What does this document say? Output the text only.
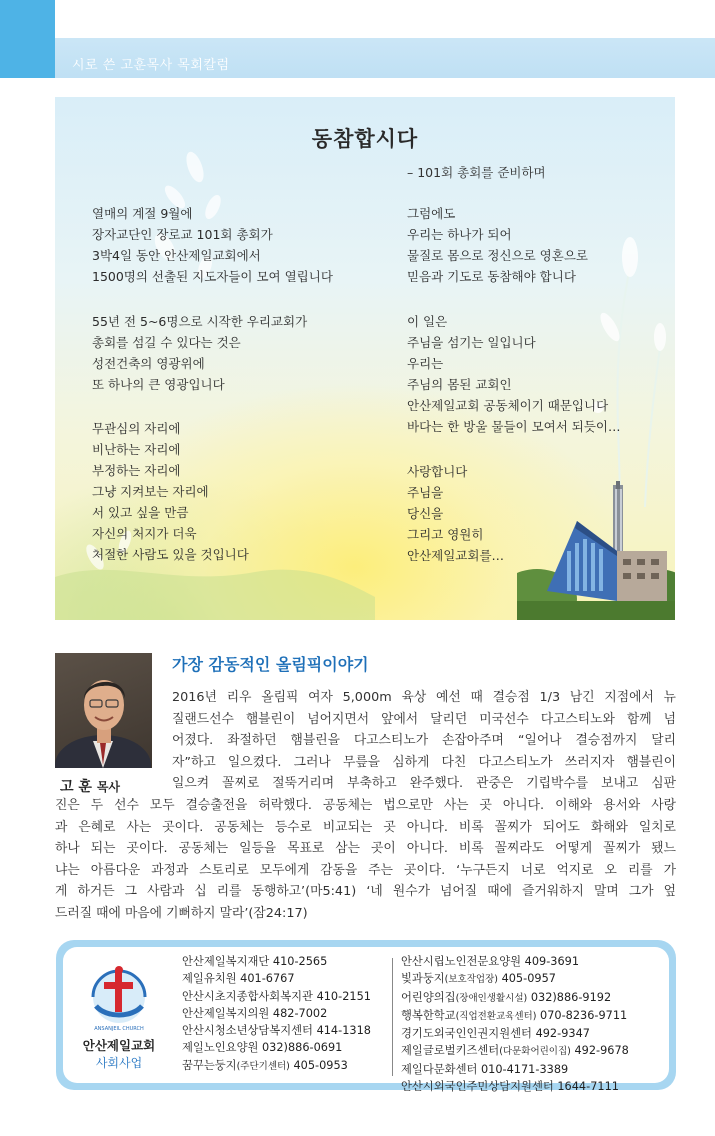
시로 쓴 고훈목사 목회칼럼
동참합시다
– 101회 총회를 준비하며
열매의 계절 9월에
장자교단인 장로교 101회 총회가
3박4일 동안 안산제일교회에서
1500명의 선출된 지도자들이 모여 열립니다
55년 전 5~6명으로 시작한 우리교회가
총회를 섬길 수 있다는 것은
성전건축의 영광위에
또 하나의 큰 영광입니다
무관심의 자리에
비난하는 자리에
부정하는 자리에
그냥 지켜보는 자리에
서 있고 싶을 만큼
자신의 처지가 더욱
처절한 사람도 있을 것입니다
그럼에도
우리는 하나가 되어
물질로 몸으로 정신으로 영혼으로
믿음과 기도로 동참해야 합니다
이 일은
주님을 섬기는 일입니다
우리는
주님의 몸된 교회인
안산제일교회 공동체이기 때문입니다
바다는 한 방울 물들이 모여서 되듯이…
사랑합니다
주님을
당신을
그리고 영원히
안산제일교회를…
고 훈 목사
가장 감동적인 올림픽이야기
2016년 리우 올림픽 여자 5,000m 육상 예선 때 결승점 1/3 남긴 지점에서 뉴
질랜드선수 햄블린이 넘어지면서 앞에서 달리던 미국선수 다고스티노와 함께 넘
어졌다. 좌절하던 햄블린을 다고스티노가 손잡아주며 “일어나 결승점까지 달리
자”하고 일으켰다. 그러나 무릎을 심하게 다친 다고스티노가 쓰러지자 햄블린이
일으켜 꼴찌로 절뚝거리며 부축하고 완주했다. 관중은 기립박수를 보내고 심판
진은 두 선수 모두 결승출전을 허락했다. 공동체는 법으로만 사는 곳 아니다. 이해와 용서와 사랑
과 은혜로 사는 곳이다. 공동체는 등수로 비교되는 곳 아니다. 비록 꼴찌가 되어도 화해와 일치로
하나 되는 곳이다. 공동체는 일등을 목표로 삼는 곳이 아니다. 비록 꼴찌라도 어떻게 꼴찌가 됐느
냐는 아름다운 과정과 스토리로 모두에게 감동을 주는 곳이다. ‘누구든지 너로 억지로 오 리를 가
게 하거든 그 사람과 십 리를 동행하고’(마5:41) ‘네 원수가 넘어질 때에 즐거워하지 말며 그가 엎
드러질 때에 마음에 기뻐하지 말라’(잠24:17)
ANSANJEIL CHURCH
안산제일교회
사회사업
안산제일복지재단 410-2565
제일유치원 401-6767
안산시초지종합사회복지관 410-2151
안산제일복지의원 482-7002
안산시청소년상담복지센터 414-1318
제일노인요양원 032)886-0691
꿈꾸는둥지(주단기센터) 405-0953
안산시립노인전문요양원 409-3691
빛과둥지(보호작업장) 405-0957
어린양의집(장애인생활시설) 032)886-9192
행복한학교(직업전환교육센터) 070-8236-9711
경기도외국인인권지원센터 492-9347
제일글로벌키즈센터(다문화어린이집) 492-9678
제일다문화센터 010-4171-3389
안산시외국인주민상담지원센터 1644-7111
